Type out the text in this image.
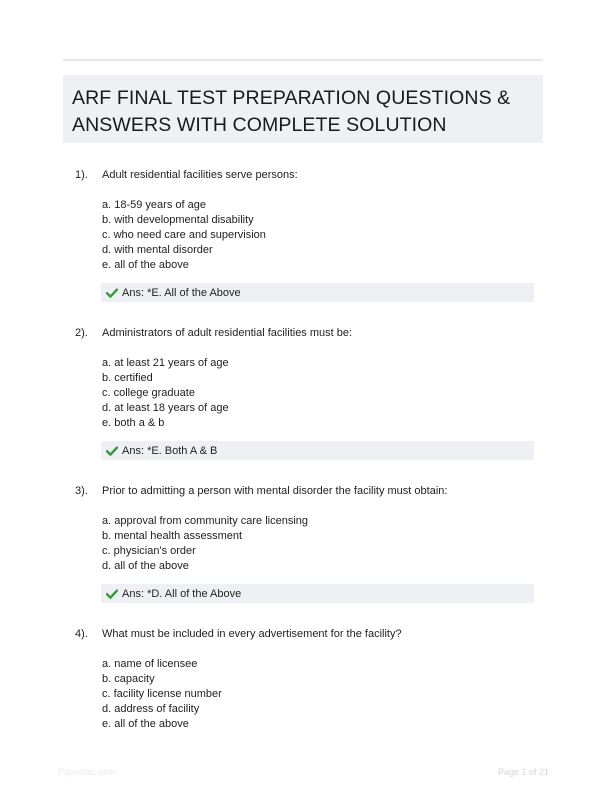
ARF FINAL TEST PREPARATION QUESTIONS & ANSWERS WITH COMPLETE SOLUTION
1). Adult residential facilities serve persons:
a. 18-59 years of age
b. with developmental disability
c. who need care and supervision
d. with mental disorder
e. all of the above
Ans: *E. All of the Above
2). Administrators of adult residential facilities must be:
a. at least 21 years of age
b. certified
c. college graduate
d. at least 18 years of age
e. both a & b
Ans: *E. Both A & B
3). Prior to admitting a person with mental disorder the facility must obtain:
a. approval from community care licensing
b. mental health assessment
c. physician's order
d. all of the above
Ans: *D. All of the Above
4). What must be included in every advertisement for the facility?
a. name of licensee
b. capacity
c. facility license number
d. address of facility
e. all of the above
Paperbtic.com	Page 1 of 21
